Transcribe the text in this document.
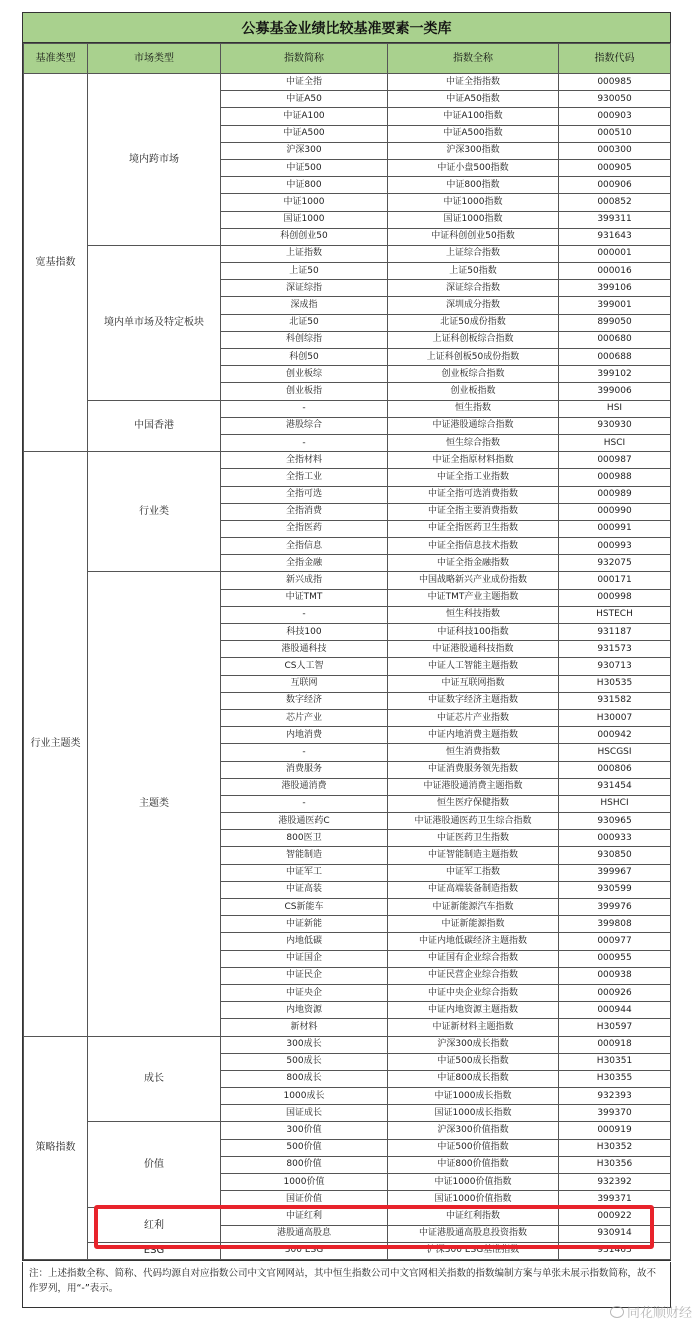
公募基金业绩比较基准要素一类库
基准类型	市场类型	指数简称	指数全称	指数代码
宽基指数	境内跨市场	中证全指	中证全指指数	000985
		中证A50	中证A50指数	930050
		中证A100	中证A100指数	000903
		中证A500	中证A500指数	000510
		沪深300	沪深300指数	000300
		中证500	中证小盘500指数	000905
		中证800	中证800指数	000906
		中证1000	中证1000指数	000852
		国证1000	国证1000指数	399311
		科创创业50	中证科创创业50指数	931643
	境内单市场及特定板块	上证指数	上证综合指数	000001
		上证50	上证50指数	000016
		深证综指	深证综合指数	399106
		深成指	深圳成分指数	399001
		北证50	北证50成份指数	899050
		科创综指	上证科创板综合指数	000680
		科创50	上证科创板50成份指数	000688
		创业板综	创业板综合指数	399102
		创业板指	创业板指数	399006
	中国香港	-	恒生指数	HSI
		港股综合	中证港股通综合指数	930930
		-	恒生综合指数	HSCI
行业主题类	行业类	全指材料	中证全指原材料指数	000987
		全指工业	中证全指工业指数	000988
		全指可选	中证全指可选消费指数	000989
		全指消费	中证全指主要消费指数	000990
		全指医药	中证全指医药卫生指数	000991
		全指信息	中证全指信息技术指数	000993
		全指金融	中证全指金融指数	932075
	主题类	新兴成指	中国战略新兴产业成份指数	000171
		中证TMT	中证TMT产业主题指数	000998
		-	恒生科技指数	HSTECH
		科技100	中证科技100指数	931187
		港股通科技	中证港股通科技指数	931573
		CS人工智	中证人工智能主题指数	930713
		互联网	中证互联网指数	H30535
		数字经济	中证数字经济主题指数	931582
		芯片产业	中证芯片产业指数	H30007
		内地消费	中证内地消费主题指数	000942
		-	恒生消费指数	HSCGSI
		消费服务	中证消费服务领先指数	000806
		港股通消费	中证港股通消费主题指数	931454
		-	恒生医疗保健指数	HSHCI
		港股通医药C	中证港股通医药卫生综合指数	930965
		800医卫	中证医药卫生指数	000933
		智能制造	中证智能制造主题指数	930850
		中证军工	中证军工指数	399967
		中证高装	中证高端装备制造指数	930599
		CS新能车	中证新能源汽车指数	399976
		中证新能	中证新能源指数	399808
		内地低碳	中证内地低碳经济主题指数	000977
		中证国企	中证国有企业综合指数	000955
		中证民企	中证民营企业综合指数	000938
		中证央企	中证中央企业综合指数	000926
		内地资源	中证内地资源主题指数	000944
		新材料	中证新材料主题指数	H30597
策略指数	成长	300成长	沪深300成长指数	000918
		500成长	中证500成长指数	H30351
		800成长	中证800成长指数	H30355
		1000成长	中证1000成长指数	932393
		国证成长	国证1000成长指数	399370
	价值	300价值	沪深300价值指数	000919
		500价值	中证500价值指数	H30352
		800价值	中证800价值指数	H30356
		1000价值	中证1000价值指数	932392
		国证价值	国证1000价值指数	399371
	红利	中证红利	中证红利指数	000922
		港股通高股息	中证港股通高股息投资指数	930914
	ESG	300 ESG	沪深300 ESG基准指数	931463
注：上述指数全称、简称、代码均源自对应指数公司中文官网网站，其中恒生指数公司中文官网相关指数的指数编制方案与单张未展示指数简称，故不作罗列，用“-”表示。
同花顺财经
